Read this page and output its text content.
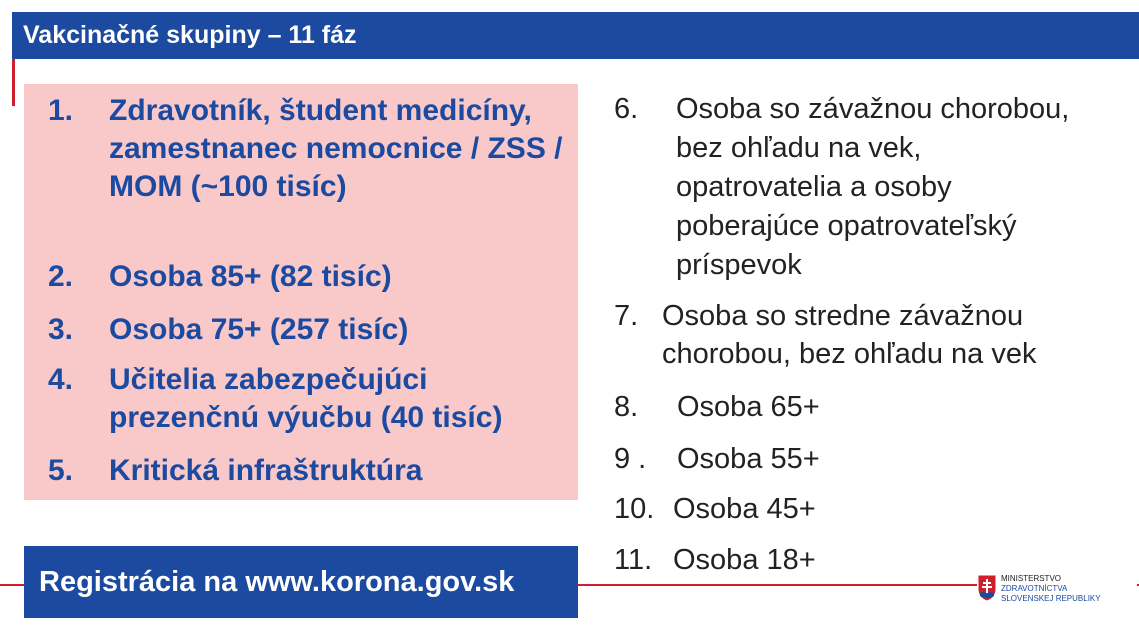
Vakcinačné skupiny – 11 fáz
1. Zdravotník, študent medicíny, zamestnanec nemocnice / ZSS / MOM (~100 tisíc)
2. Osoba 85+ (82 tisíc)
3. Osoba 75+ (257 tisíc)
4. Učitelia zabezpečujúci prezenčnú výučbu (40 tisíc)
5. Kritická infraštruktúra
6. Osoba so závažnou chorobou,
bez ohľadu na vek,
opatrovatelia a osoby
poberajúce opatrovateľský
príspevok
7. Osoba so stredne závažnou
chorobou, bez ohľadu na vek
8. Osoba 65+
9 . Osoba 55+
10. Osoba 45+
11. Osoba 18+
Registrácia na www.korona.gov.sk	MINISTERSTVO
ZDRAVOTNÍCTVA
SLOVENSKEJ REPUBLIKY
